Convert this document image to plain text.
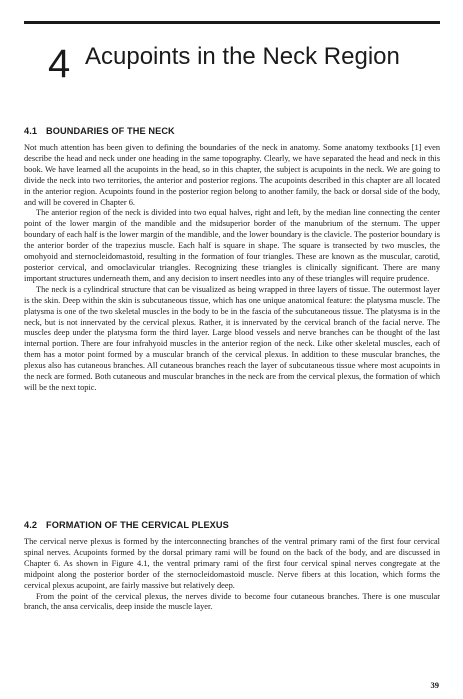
4 Acupoints in the Neck Region
4.1 BOUNDARIES OF THE NECK

Not much attention has been given to defining the boundaries of the neck in anatomy. Some anatomy textbooks [1] even describe the head and neck under one heading in the same topography. Clearly, we have separated the head and neck in this book. We have learned all the acupoints in the head, so in this chapter, the subject is acupoints in the neck. We are going to divide the neck into two territories, the anterior and posterior regions. The acupoints described in this chapter are all located in the anterior region. Acupoints found in the posterior region belong to another family, the back or dorsal side of the body, and will be covered in Chapter 6.

The anterior region of the neck is divided into two equal halves, right and left, by the median line connecting the center point of the lower margin of the mandible and the midsuperior border of the manubrium of the sternum. The upper boundary of each half is the lower margin of the mandible, and the lower boundary is the clavicle. The posterior boundary is the anterior border of the trapezius muscle. Each half is square in shape. The square is transected by two muscles, the omohyoid and sternocleidomastoid, resulting in the formation of four triangles. These are known as the muscular, carotid, posterior cervical, and omoclavicular triangles. Recognizing these triangles is clinically significant. There are many important structures underneath them, and any decision to insert needles into any of these triangles will require prudence.

The neck is a cylindrical structure that can be visualized as being wrapped in three layers of tissue. The outermost layer is the skin. Deep within the skin is subcutaneous tissue, which has one unique anatomical feature: the platysma muscle. The platysma is one of the two skeletal muscles in the body to be in the fascia of the subcutaneous tissue. The platysma is in the neck, but is not innervated by the cervical plexus. Rather, it is innervated by the cervical branch of the facial nerve. The muscles deep under the platysma form the third layer. Large blood vessels and nerve branches can be thought of the last internal portion. There are four infrahyoid muscles in the anterior region of the neck. Like other skeletal muscles, each of them has a motor point formed by a muscular branch of the cervical plexus. In addition to these muscular branches, the plexus also has cutaneous branches. All cutaneous branches reach the layer of subcutaneous tissue where most acupoints in the neck are formed. Both cutaneous and muscular branches in the neck are from the cervical plexus, the formation of which will be the next topic.

4.2 FORMATION OF THE CERVICAL PLEXUS

The cervical nerve plexus is formed by the interconnecting branches of the ventral primary rami of the first four cervical spinal nerves. Acupoints formed by the dorsal primary rami will be found on the back of the body, and are discussed in Chapter 6. As shown in Figure 4.1, the ventral primary rami of the first four cervical spinal nerves congregate at the midpoint along the posterior border of the sternocleidomastoid muscle. Nerve fibers at this location, which forms the cervical plexus acupoint, are fairly massive but relatively deep.

From the point of the cervical plexus, the nerves divide to become four cutaneous branches. There is one muscular branch, the ansa cervicalis, deep inside the muscle layer.

39
